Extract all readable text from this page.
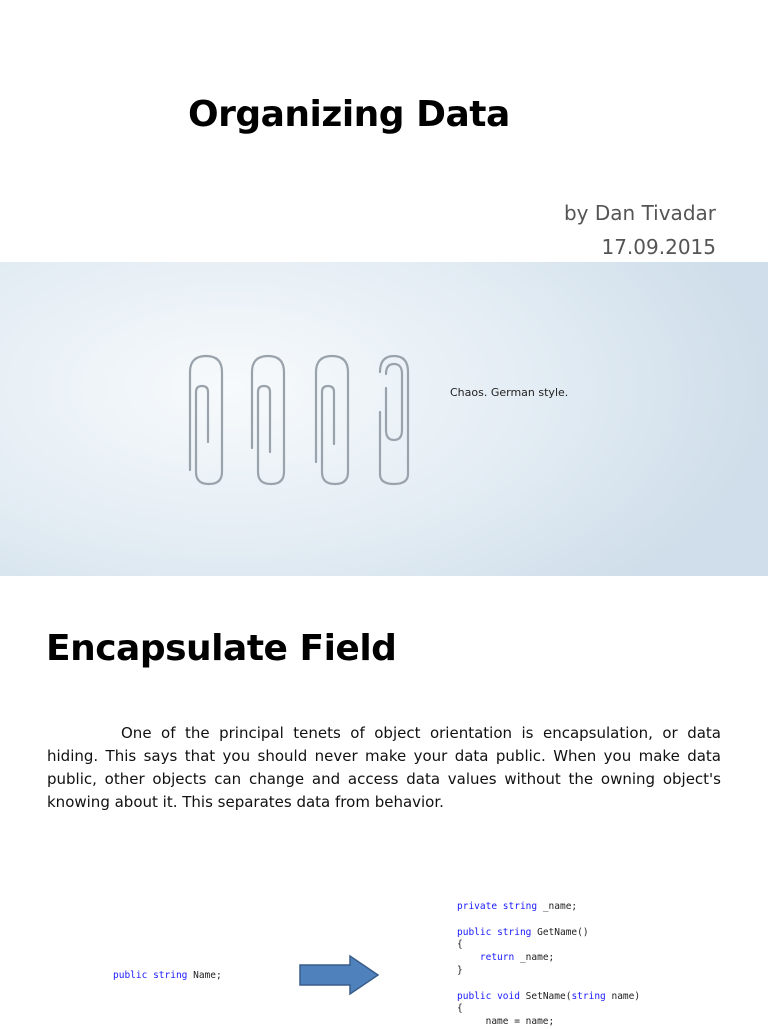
Organizing Data
by Dan Tivadar
17.09.2015
Chaos. German style.
Encapsulate Field
One of the principal tenets of object orientation is encapsulation, or data hiding. This says that you should never make your data public. When you make data public, other objects can change and access data values without the owning object's knowing about it. This separates data from behavior.
public string Name;
private string _name;

public string GetName()
{
return _name;
}

public void SetName(string name)
{
name = name;
